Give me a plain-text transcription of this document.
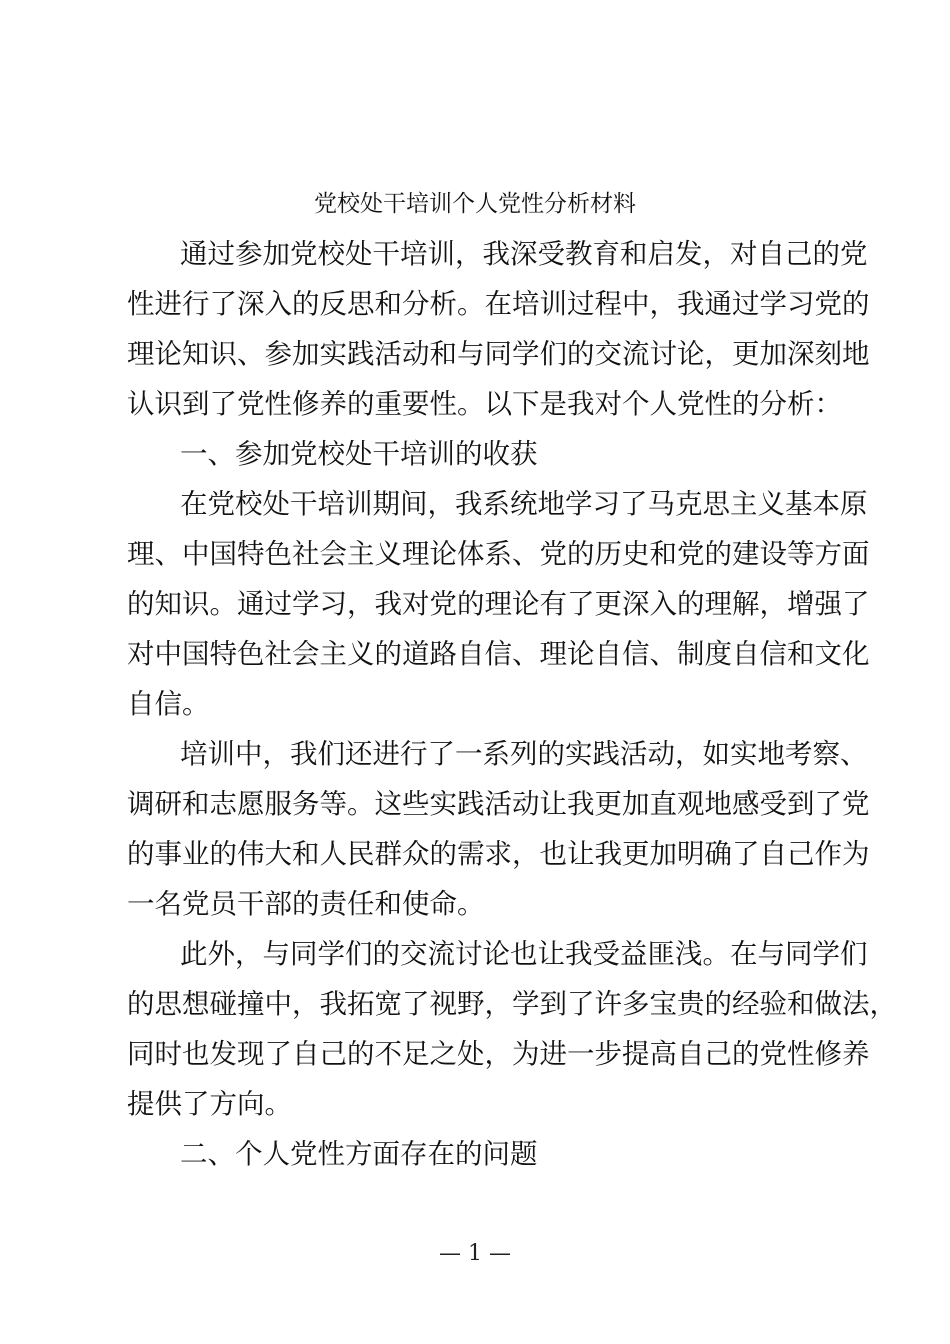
党校处干培训个人党性分析材料
通过参加党校处干培训，我深受教育和启发，对自己的党
性进行了深入的反思和分析。在培训过程中，我通过学习党的
理论知识、参加实践活动和与同学们的交流讨论，更加深刻地
认识到了党性修养的重要性。以下是我对个人党性的分析：
一、参加党校处干培训的收获
在党校处干培训期间，我系统地学习了马克思主义基本原
理、中国特色社会主义理论体系、党的历史和党的建设等方面
的知识。通过学习，我对党的理论有了更深入的理解，增强了
对中国特色社会主义的道路自信、理论自信、制度自信和文化
自信。
培训中，我们还进行了一系列的实践活动，如实地考察、
调研和志愿服务等。这些实践活动让我更加直观地感受到了党
的事业的伟大和人民群众的需求，也让我更加明确了自己作为
一名党员干部的责任和使命。
此外，与同学们的交流讨论也让我受益匪浅。在与同学们
的思想碰撞中，我拓宽了视野，学到了许多宝贵的经验和做法，
同时也发现了自己的不足之处，为进一步提高自己的党性修养
提供了方向。
二、个人党性方面存在的问题
— 1 —
